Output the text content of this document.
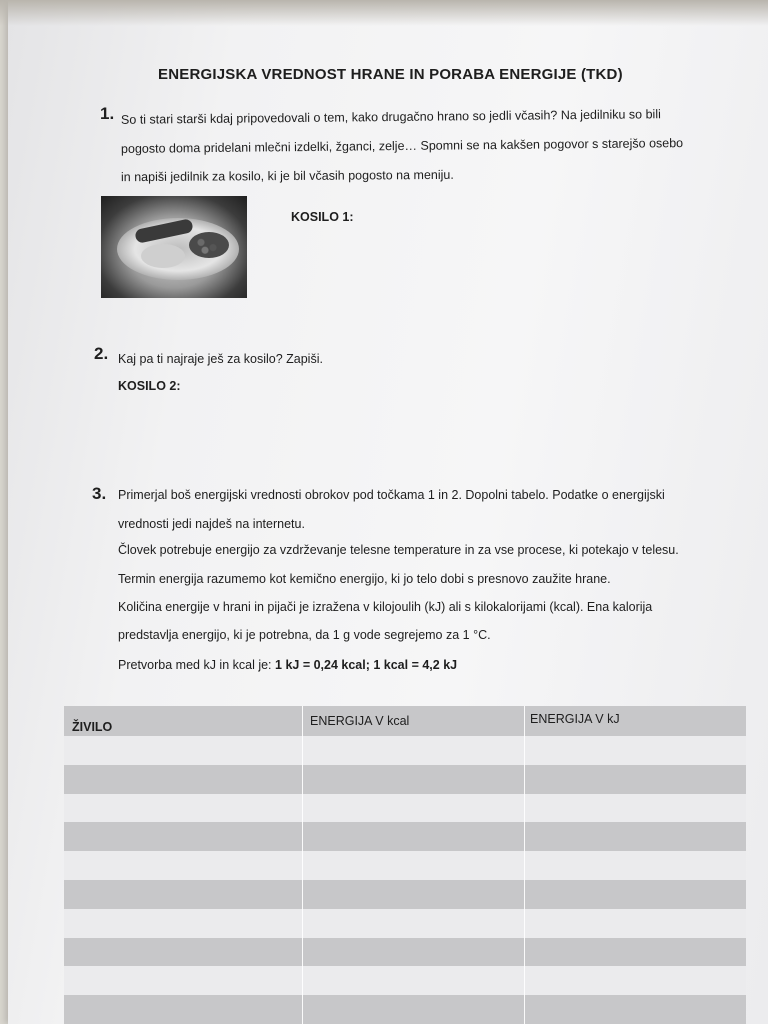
ENERGIJSKA VREDNOST HRANE IN PORABA ENERGIJE (TKD)
1. So ti stari starši kdaj pripovedovali o tem, kako drugačno hrano so jedli včasih? Na jedilniku so bili
pogosto doma pridelani mlečni izdelki, žganci, zelje… Spomni se na kakšen pogovor s starejšo osebo
in napiši jedilnik za kosilo, ki je bil včasih pogosto na meniju.
KOSILO 1:
2. Kaj pa ti najraje ješ za kosilo? Zapiši.
KOSILO 2:
3. Primerjal boš energijski vrednosti obrokov pod točkama 1 in 2. Dopolni tabelo. Podatke o energijski
vrednosti jedi najdeš na internetu.
Človek potrebuje energijo za vzdrževanje telesne temperature in za vse procese, ki potekajo v telesu.
Termin energija razumemo kot kemično energijo, ki jo telo dobi s presnovo zaužite hrane.
Količina energije v hrani in pijači je izražena v kilojoulih (kJ) ali s kilokalorijami (kcal). Ena kalorija
predstavlja energijo, ki je potrebna, da 1 g vode segrejemo za 1 °C.
Pretvorba med kJ in kcal je: 1 kJ = 0,24 kcal; 1 kcal = 4,2 kJ
ŽIVILO	ENERGIJA V kcal	ENERGIJA V kJ
